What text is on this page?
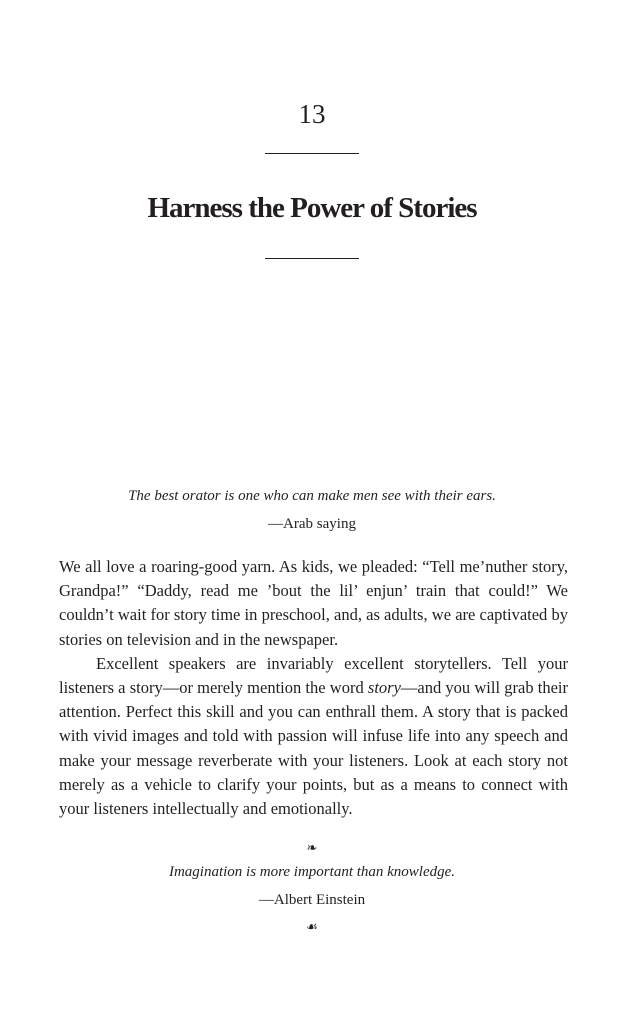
13
Harness the Power of Stories

The best orator is one who can make men see with their ears.

—Arab saying

We all love a roaring-good yarn. As kids, we pleaded: “Tell me’nuther story, Grandpa!” “Daddy, read me ’bout the lil’ enjun’ train that could!” We couldn’t wait for story time in preschool, and, as adults, we are captivated by stories on television and in the newspaper.

Excellent speakers are invariably excellent storytellers. Tell your listeners a story—or merely mention the word story—and you will grab their attention. Perfect this skill and you can enthrall them. A story that is packed with vivid images and told with passion will infuse life into any speech and make your message reverberate with your listeners. Look at each story not merely as a vehicle to clarify your points, but as a means to connect with your listeners intellectually and emotionally.

❧

Imagination is more important than knowledge.

—Albert Einstein

☙
